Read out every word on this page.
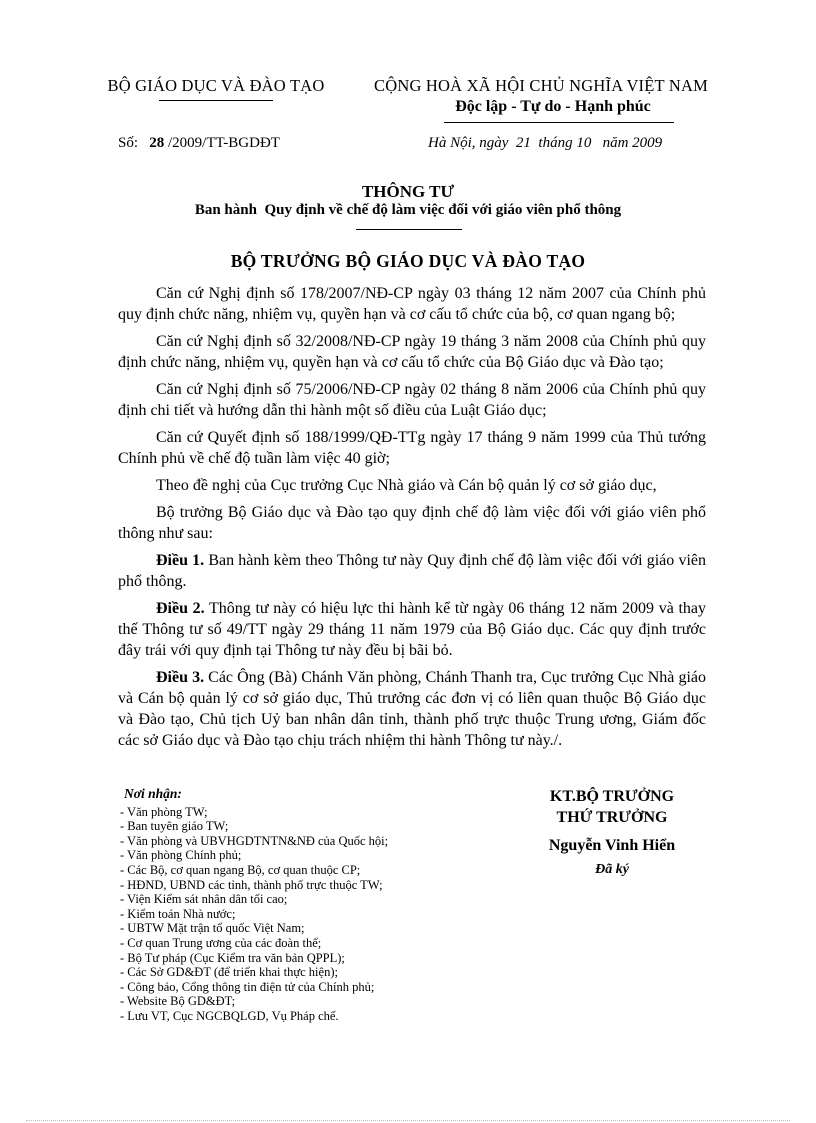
BỘ GIÁO DỤC VÀ ĐÀO TẠO	CỘNG HOÀ XÃ HỘI CHỦ NGHĨA VIỆT NAM
Độc lập - Tự do - Hạnh phúc
Số: 28 /2009/TT-BGDĐT	Hà Nội, ngày  21  tháng 10   năm 2009
THÔNG TƯ
Ban hành  Quy định về chế độ làm việc đối với giáo viên phổ thông
BỘ TRƯỞNG BỘ GIÁO DỤC VÀ ĐÀO TẠO

Căn cứ Nghị định số 178/2007/NĐ-CP ngày 03 tháng 12 năm 2007 của Chính phủ quy định chức năng, nhiệm vụ, quyền hạn và cơ cấu tổ chức của bộ, cơ quan ngang bộ;

Căn cứ Nghị định số 32/2008/NĐ-CP ngày 19 tháng 3 năm 2008 của Chính phủ quy định chức năng, nhiệm vụ, quyền hạn và cơ cấu tổ chức của Bộ Giáo dục và Đào tạo;

Căn cứ Nghị định số 75/2006/NĐ-CP ngày 02 tháng 8 năm 2006 của Chính phủ quy định chi tiết và hướng dẫn thi hành một số điều của Luật Giáo dục;

Căn cứ Quyết định số 188/1999/QĐ-TTg ngày 17 tháng 9 năm 1999 của Thủ tướng Chính phủ về chế độ tuần làm việc 40 giờ;

Theo đề nghị của Cục trưởng Cục Nhà giáo và Cán bộ quản lý cơ sở giáo dục,

Bộ trưởng Bộ Giáo dục và Đào tạo quy định chế độ làm việc đối với giáo viên phổ thông như sau:

Điều 1. Ban hành kèm theo Thông tư này Quy định chế độ làm việc đối với giáo viên phổ thông.

Điều 2. Thông tư này có hiệu lực thi hành kể từ ngày 06 tháng 12 năm 2009 và thay thế Thông tư số 49/TT ngày 29 tháng 11 năm 1979 của Bộ Giáo dục. Các quy định trước đây trái với quy định tại Thông tư này đều bị bãi bỏ.

Điều 3. Các Ông (Bà) Chánh Văn phòng, Chánh Thanh tra, Cục trưởng Cục Nhà giáo và Cán bộ quản lý cơ sở giáo dục, Thủ trưởng các đơn vị có liên quan thuộc Bộ Giáo dục và Đào tạo, Chủ tịch Uỷ ban nhân dân tỉnh, thành phố trực thuộc Trung ương, Giám đốc các sở Giáo dục và Đào tạo chịu trách nhiệm thi hành Thông tư này./.

Nơi nhận:
- Văn phòng TW;
- Ban tuyên giáo TW;
- Văn phòng và UBVHGDTNTN&NĐ của Quốc hội;
- Văn phòng Chính phủ;
- Các Bộ, cơ quan ngang Bộ, cơ quan thuộc CP;
- HĐND, UBND các tỉnh, thành phố trực thuộc TW;
- Viện Kiểm sát nhân dân tối cao;
- Kiểm toán Nhà nước;
- UBTW Mặt trận tổ quốc Việt Nam;
- Cơ quan Trung ương của các đoàn thể;
- Bộ Tư pháp (Cục Kiểm tra văn bản QPPL);
- Các Sở GD&ĐT (để triển khai thực hiện);
- Công báo, Cổng thông tin điện tử của Chính phủ;
- Website Bộ GD&ĐT;
- Lưu VT, Cục NGCBQLGD, Vụ Pháp chế.
KT.BỘ TRƯỞNG
THỨ TRƯỞNG
Nguyễn Vinh Hiển
Đã ký
